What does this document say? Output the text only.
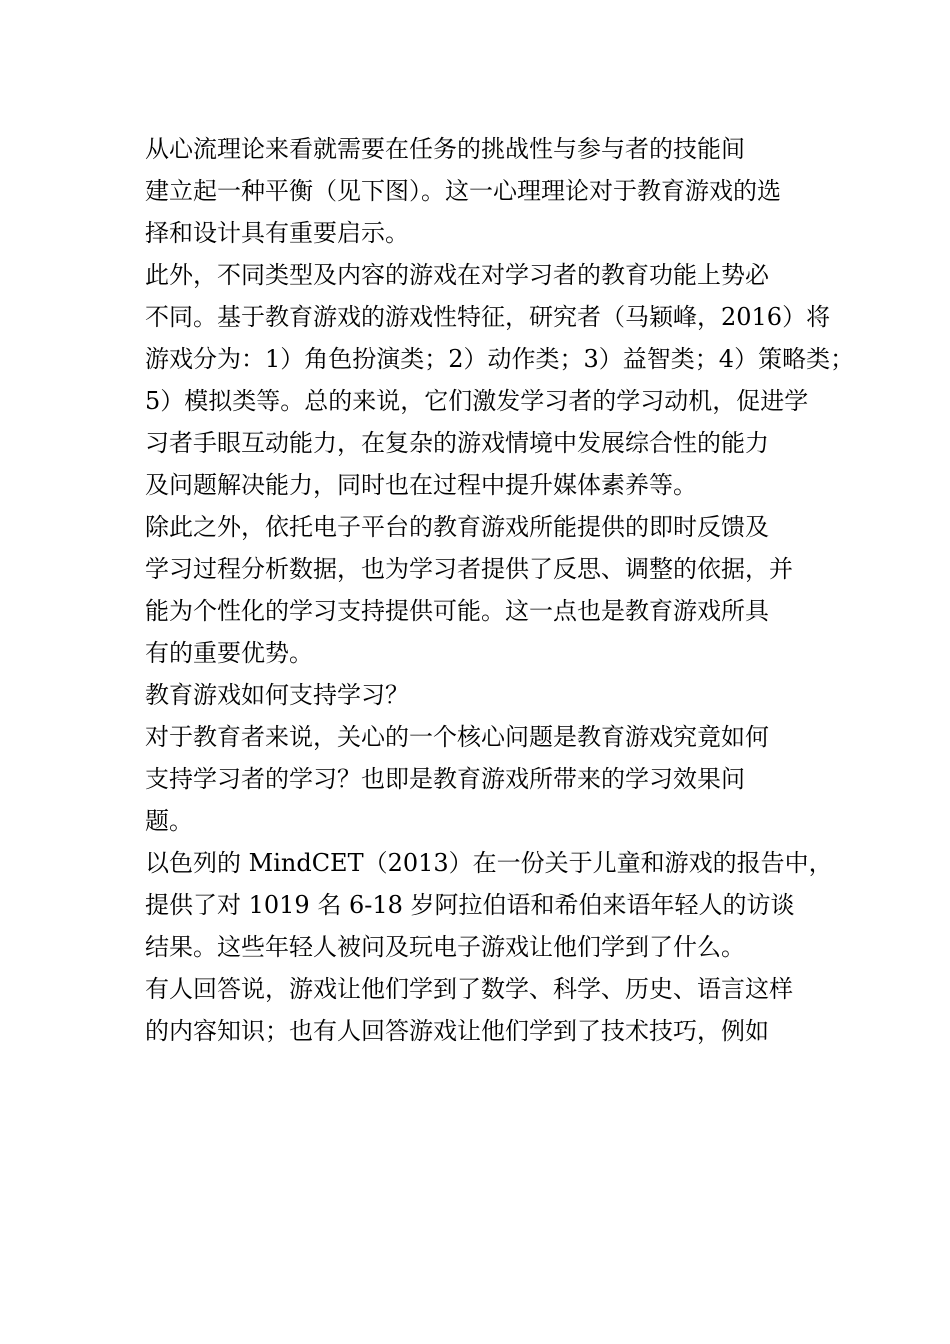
从心流理论来看就需要在任务的挑战性与参与者的技能间

建立起一种平衡（见下图）。这一心理理论对于教育游戏的选

择和设计具有重要启示。

此外，不同类型及内容的游戏在对学习者的教育功能上势必

不同。基于教育游戏的游戏性特征，研究者（马颖峰，2016）将

游戏分为：1）角色扮演类；2）动作类；3）益智类；4）策略类；

5）模拟类等。总的来说，它们激发学习者的学习动机，促进学

习者手眼互动能力，在复杂的游戏情境中发展综合性的能力

及问题解决能力，同时也在过程中提升媒体素养等。

除此之外，依托电子平台的教育游戏所能提供的即时反馈及

学习过程分析数据，也为学习者提供了反思、调整的依据，并

能为个性化的学习支持提供可能。这一点也是教育游戏所具

有的重要优势。

教育游戏如何支持学习？

对于教育者来说，关心的一个核心问题是教育游戏究竟如何

支持学习者的学习？也即是教育游戏所带来的学习效果问

题。

以色列的 MindCET（2013）在一份关于儿童和游戏的报告中，

提供了对 1019 名 6-18 岁阿拉伯语和希伯来语年轻人的访谈

结果。这些年轻人被问及玩电子游戏让他们学到了什么。

有人回答说，游戏让他们学到了数学、科学、历史、语言这样

的内容知识；也有人回答游戏让他们学到了技术技巧，例如
